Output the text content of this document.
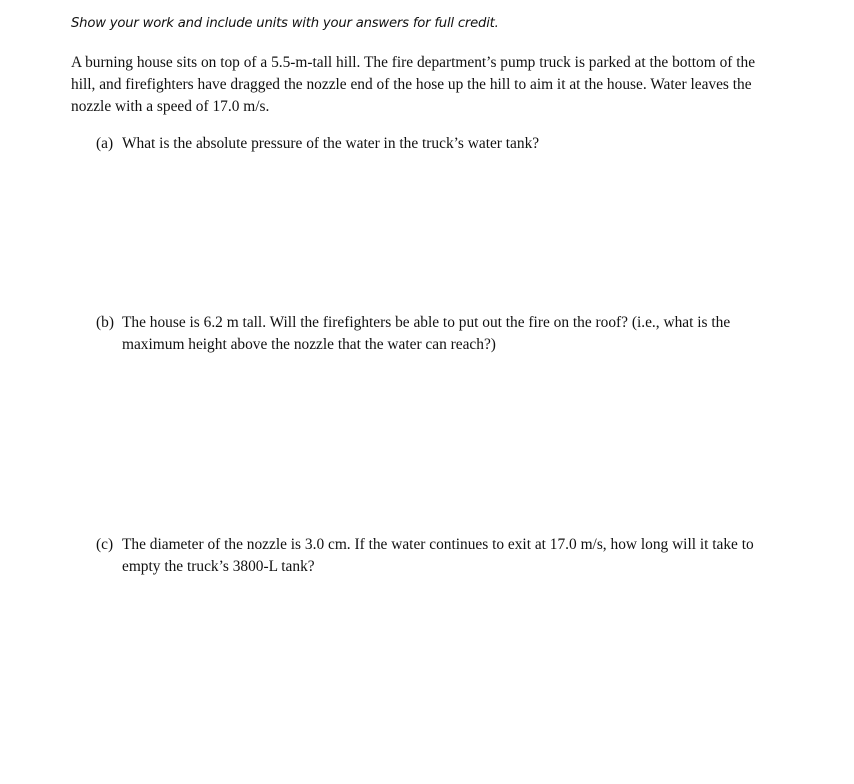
Show your work and include units with your answers for full credit.
A burning house sits on top of a 5.5-m-tall hill. The fire department’s pump truck is parked at the bottom of the hill, and firefighters have dragged the nozzle end of the hose up the hill to aim it at the house. Water leaves the nozzle with a speed of 17.0 m/s.
(a) What is the absolute pressure of the water in the truck’s water tank?
(b) The house is 6.2 m tall. Will the firefighters be able to put out the fire on the roof? (i.e., what is the maximum height above the nozzle that the water can reach?)
(c) The diameter of the nozzle is 3.0 cm. If the water continues to exit at 17.0 m/s, how long will it take to empty the truck’s 3800-L tank?
